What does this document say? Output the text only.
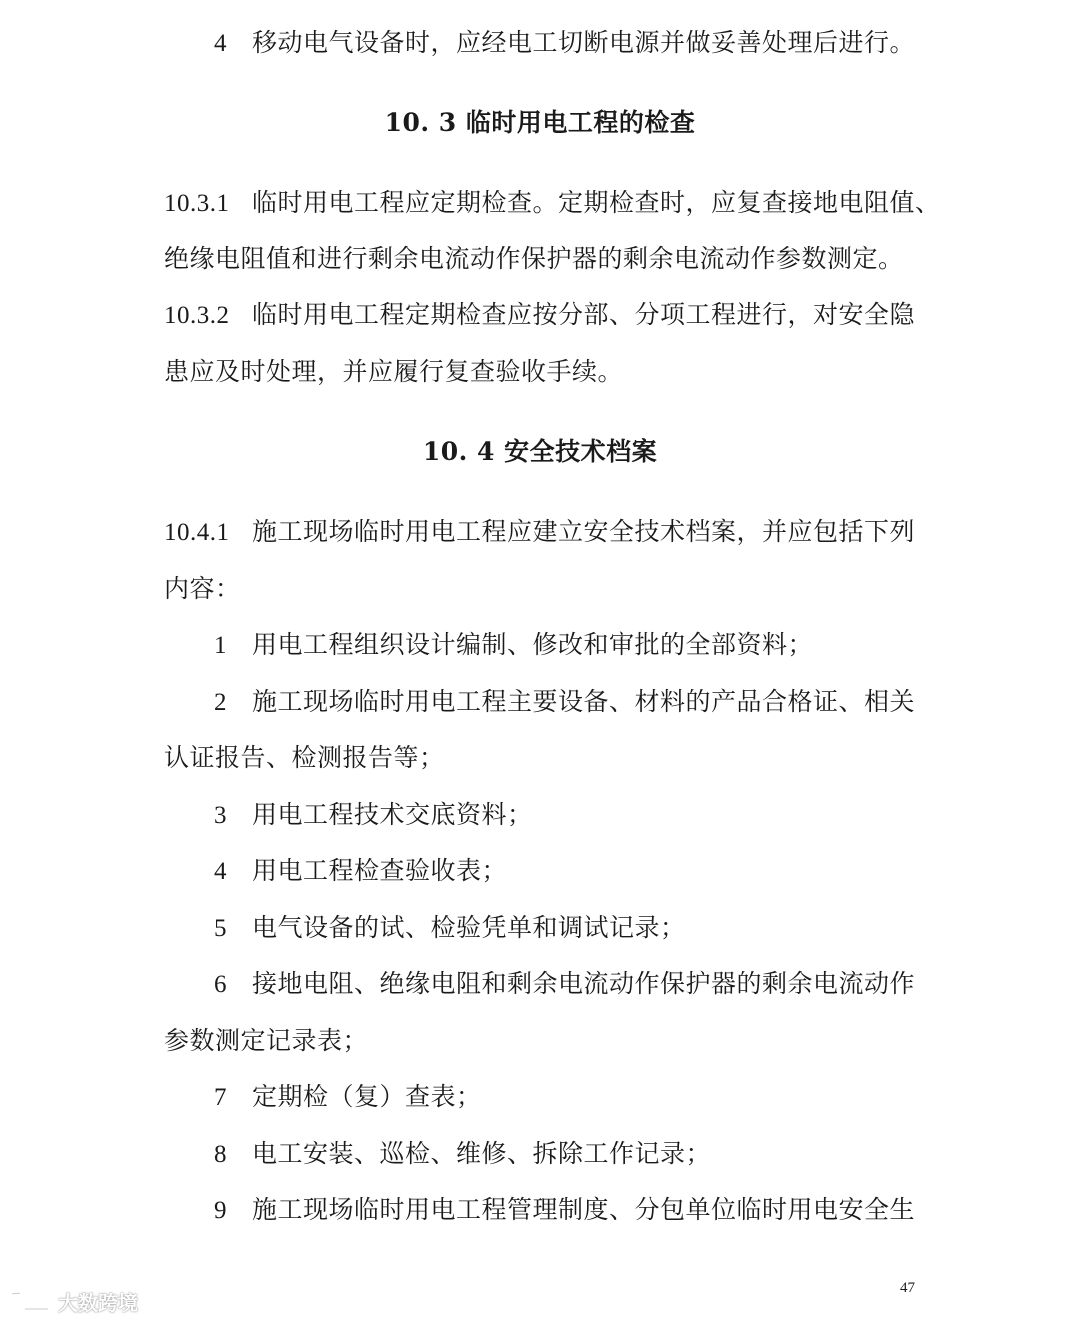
4 移动电气设备时，应经电工切断电源并做妥善处理后进行。
10. 3 临时用电工程的检查
10.3.1 临时用电工程应定期检查。定期检查时，应复查接地电阻值、
绝缘电阻值和进行剩余电流动作保护器的剩余电流动作参数测定。
10.3.2 临时用电工程定期检查应按分部、分项工程进行，对安全隐
患应及时处理，并应履行复查验收手续。
10. 4 安全技术档案
10.4.1 施工现场临时用电工程应建立安全技术档案，并应包括下列
内容：
1 用电工程组织设计编制、修改和审批的全部资料；
2 施工现场临时用电工程主要设备、材料的产品合格证、相关
认证报告、检测报告等；
3 用电工程技术交底资料；
4 用电工程检查验收表；
5 电气设备的试、检验凭单和调试记录；
6 接地电阻、绝缘电阻和剩余电流动作保护器的剩余电流动作
参数测定记录表；
7 定期检（复）查表；
8 电工安装、巡检、维修、拆除工作记录；
9 施工现场临时用电工程管理制度、分包单位临时用电安全生
47
大数跨境
